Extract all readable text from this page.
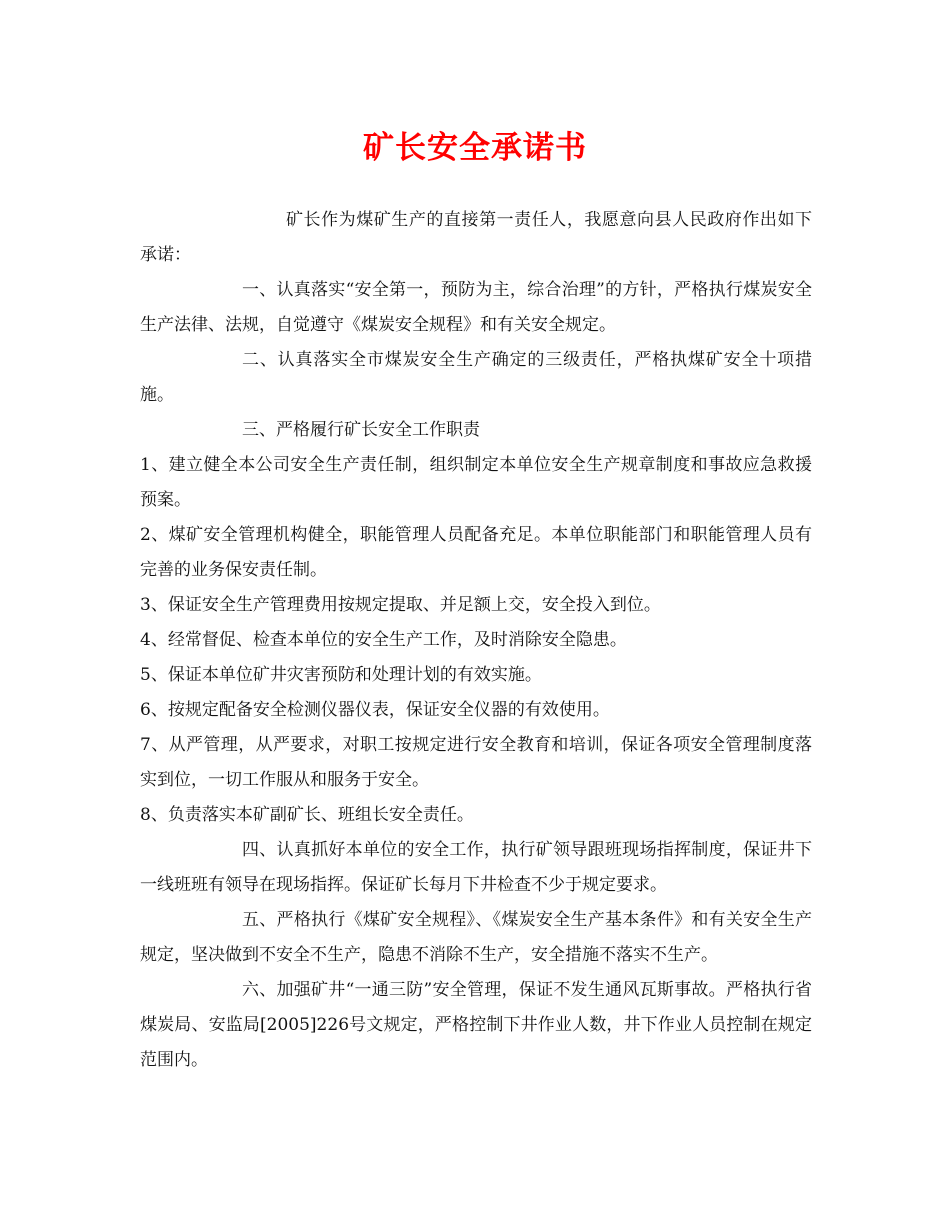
矿长安全承诺书

矿长作为煤矿生产的直接第一责任人，我愿意向县人民政府作出如下承诺：

一、认真落实“安全第一，预防为主，综合治理”的方针，严格执行煤炭安全生产法律、法规，自觉遵守《煤炭安全规程》和有关安全规定。

二、认真落实全市煤炭安全生产确定的三级责任，严格执煤矿安全十项措施。

三、严格履行矿长安全工作职责

1、建立健全本公司安全生产责任制，组织制定本单位安全生产规章制度和事故应急救援预案。

2、煤矿安全管理机构健全，职能管理人员配备充足。本单位职能部门和职能管理人员有完善的业务保安责任制。

3、保证安全生产管理费用按规定提取、并足额上交，安全投入到位。

4、经常督促、检查本单位的安全生产工作，及时消除安全隐患。

5、保证本单位矿井灾害预防和处理计划的有效实施。

6、按规定配备安全检测仪器仪表，保证安全仪器的有效使用。

7、从严管理，从严要求，对职工按规定进行安全教育和培训，保证各项安全管理制度落实到位，一切工作服从和服务于安全。

8、负责落实本矿副矿长、班组长安全责任。

四、认真抓好本单位的安全工作，执行矿领导跟班现场指挥制度，保证井下一线班班有领导在现场指挥。保证矿长每月下井检查不少于规定要求。

五、严格执行《煤矿安全规程》、《煤炭安全生产基本条件》和有关安全生产规定，坚决做到不安全不生产，隐患不消除不生产，安全措施不落实不生产。

六、加强矿井“一通三防”安全管理，保证不发生通风瓦斯事故。严格执行省煤炭局、安监局[2005]226号文规定，严格控制下井作业人数，井下作业人员控制在规定范围内。
